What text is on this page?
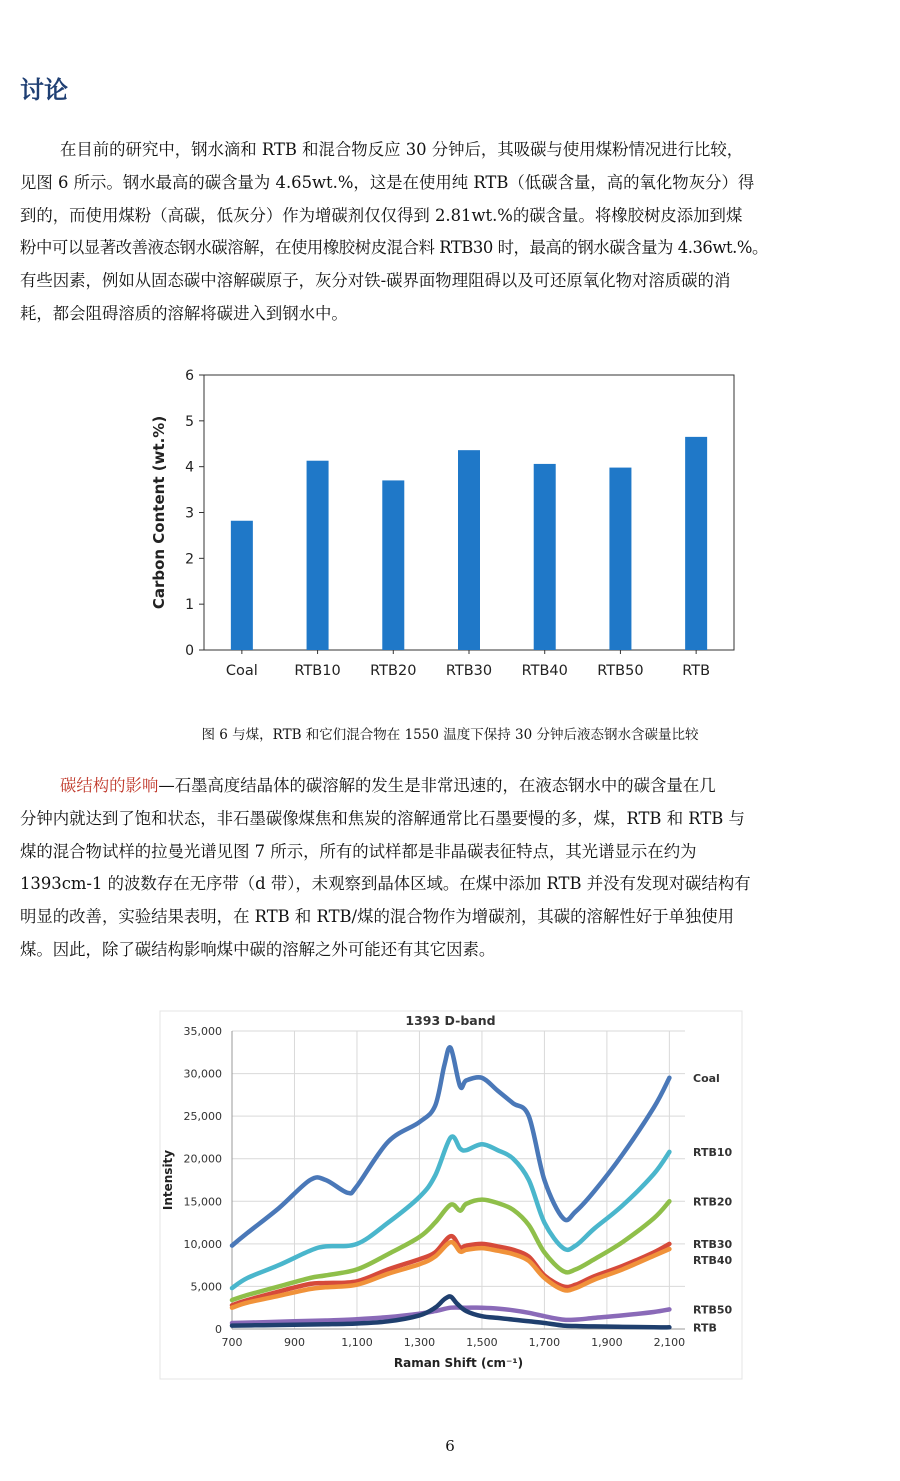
讨论
在目前的研究中，钢水滴和 RTB 和混合物反应 30 分钟后，其吸碳与使用煤粉情况进行比较，
见图 6 所示。钢水最高的碳含量为 4.65wt.%，这是在使用纯 RTB（低碳含量，高的氧化物灰分）得
到的，而使用煤粉（高碳，低灰分）作为增碳剂仅仅得到 2.81wt.%的碳含量。将橡胶树皮添加到煤
粉中可以显著改善液态钢水碳溶解，在使用橡胶树皮混合料 RTB30 时，最高的钢水碳含量为 4.36wt.%。
有些因素，例如从固态碳中溶解碳原子，灰分对铁-碳界面物理阻碍以及可还原氧化物对溶质碳的消
耗，都会阻碍溶质的溶解将碳进入到钢水中。
0
1
2
3
4
5
6
Carbon Content (wt.%)
Coal	RTB10 RTB20 RTB30 RTB40 RTB50	RTB

图 6 与煤，RTB 和它们混合物在 1550 温度下保持 30 分钟后液态钢水含碳量比较

碳结构的影响—石墨高度结晶体的碳溶解的发生是非常迅速的，在液态钢水中的碳含量在几
分钟内就达到了饱和状态，非石墨碳像煤焦和焦炭的溶解通常比石墨要慢的多，煤，RTB 和 RTB 与
煤的混合物试样的拉曼光谱见图 7 所示，所有的试样都是非晶碳表征特点，其光谱显示在约为
1393cm-1 的波数存在无序带（d 带），未观察到晶体区域。在煤中添加 RTB 并没有发现对碳结构有
明显的改善，实验结果表明，在 RTB 和 RTB/煤的混合物作为增碳剂，其碳的溶解性好于单独使用
煤。因此，除了碳结构影响煤中碳的溶解之外可能还有其它因素。
1393 D-band
0
5,000
10,000
15,000
20,000
25,000
30,000
35,000
700	900	1,100	1,300	1,500	1,700	1,900	2,100
Raman Shift (cm⁻¹)
Intensity
Coal
RTB10
RTB20
RTB30
RTB40
RTB50
RTB
6
